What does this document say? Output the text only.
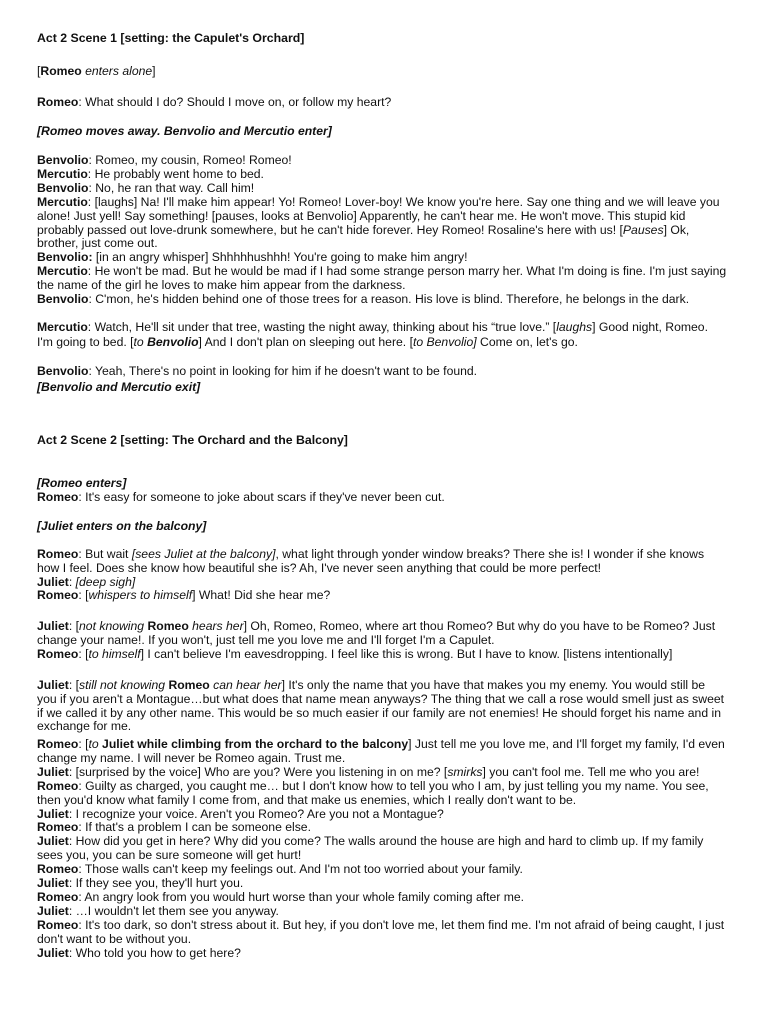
Act 2 Scene 1 [setting: the Capulet's Orchard]

[Romeo enters alone]

Romeo: What should I do? Should I move on, or follow my heart?

[Romeo moves away. Benvolio and Mercutio enter]

Benvolio: Romeo, my cousin, Romeo! Romeo!
Mercutio: He probably went home to bed.
Benvolio: No, he ran that way. Call him!
Mercutio: [laughs] Na! I'll make him appear! Yo! Romeo! Lover-boy! We know you're here. Say one thing and we will leave you alone! Just yell! Say something! [pauses, looks at Benvolio] Apparently, he can't hear me. He won't move. This stupid kid probably passed out love-drunk somewhere, but he can't hide forever. Hey Romeo! Rosaline's here with us! [Pauses] Ok, brother, just come out.
Benvolio: [in an angry whisper] Shhhhhushhh! You're going to make him angry!
Mercutio: He won't be mad. But he would be mad if I had some strange person marry her. What I'm doing is fine. I'm just saying the name of the girl he loves to make him appear from the darkness.
Benvolio: C'mon, he's hidden behind one of those trees for a reason. His love is blind. Therefore, he belongs in the dark.

Mercutio: Watch, He'll sit under that tree, wasting the night away, thinking about his “true love.” [laughs] Good night, Romeo. I'm going to bed. [to Benvolio] And I don't plan on sleeping out here. [to Benvolio] Come on, let's go.

Benvolio: Yeah, There's no point in looking for him if he doesn't want to be found.

[Benvolio and Mercutio exit]

Act 2 Scene 2 [setting: The Orchard and the Balcony]

[Romeo enters]

Romeo: It's easy for someone to joke about scars if they've never been cut.

[Juliet enters on the balcony]

Romeo: But wait [sees Juliet at the balcony], what light through yonder window breaks? There she is! I wonder if she knows how I feel. Does she know how beautiful she is? Ah, I've never seen anything that could be more perfect!
Juliet: [deep sigh]
Romeo: [whispers to himself] What! Did she hear me?
Juliet: [not knowing Romeo hears her] Oh, Romeo, Romeo, where art thou Romeo? But why do you have to be Romeo? Just change your name!. If you won't, just tell me you love me and I'll forget I'm a Capulet.
Romeo: [to himself] I can't believe I'm eavesdropping. I feel like this is wrong. But I have to know. [listens intentionally]
Juliet: [still not knowing Romeo can hear her] It's only the name that you have that makes you my enemy. You would still be you if you aren't a Montague…but what does that name mean anyways? The thing that we call a rose would smell just as sweet if we called it by any other name. This would be so much easier if our family are not enemies! He should forget his name and in exchange for me.
Romeo: [to Juliet while climbing from the orchard to the balcony] Just tell me you love me, and I'll forget my family, I'd even change my name. I will never be Romeo again. Trust me.
Juliet: [surprised by the voice] Who are you? Were you listening in on me? [smirks] you can't fool me. Tell me who you are!
Romeo: Guilty as charged, you caught me… but I don't know how to tell you who I am, by just telling you my name. You see, then you'd know what family I come from, and that make us enemies, which I really don't want to be.
Juliet: I recognize your voice. Aren't you Romeo? Are you not a Montague?
Romeo: If that's a problem I can be someone else.
Juliet: How did you get in here? Why did you come? The walls around the house are high and hard to climb up. If my family sees you, you can be sure someone will get hurt!
Romeo: Those walls can't keep my feelings out. And I'm not too worried about your family.
Juliet: If they see you, they'll hurt you.
Romeo: An angry look from you would hurt worse than your whole family coming after me.
Juliet: …I wouldn't let them see you anyway.
Romeo: It's too dark, so don't stress about it. But hey, if you don't love me, let them find me. I'm not afraid of being caught, I just don't want to be without you.
Juliet: Who told you how to get here?
